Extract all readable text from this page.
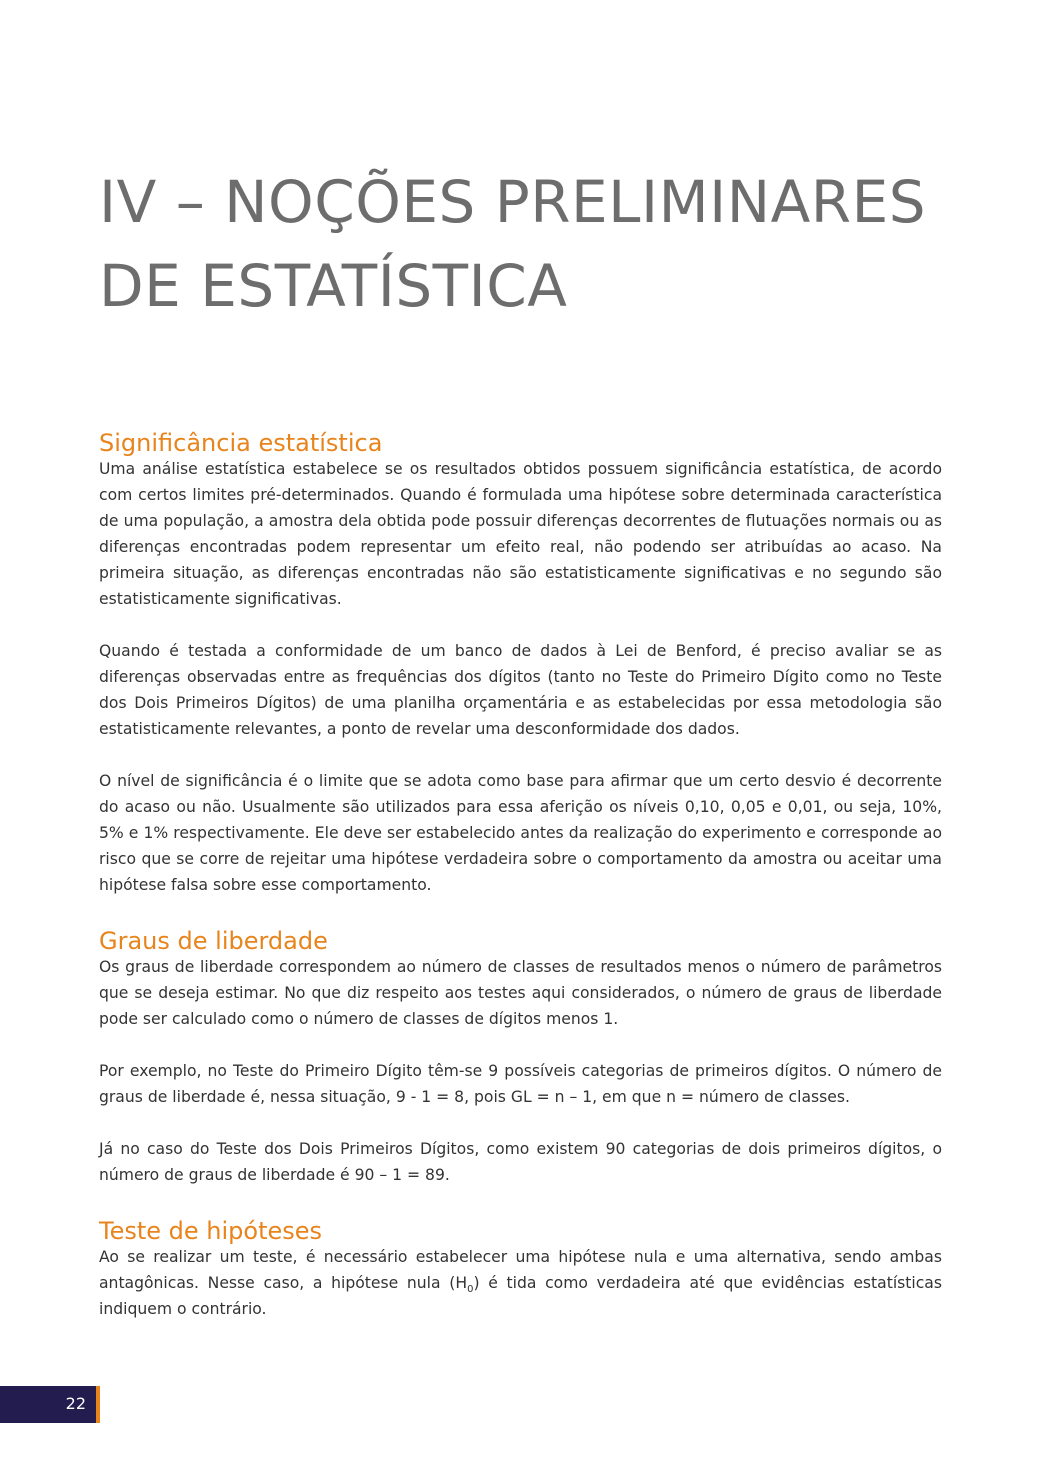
IV – NOÇÕES PRELIMINARES
DE ESTATÍSTICA
Significância estatística

Uma análise estatística estabelece se os resultados obtidos possuem significância estatística, de acordo com certos limites pré-determinados. Quando é formulada uma hipótese sobre determinada característica de uma população, a amostra dela obtida pode possuir diferenças decorrentes de flutuações normais ou as diferenças encontradas podem representar um efeito real, não podendo ser atribuídas ao acaso. Na primeira situação, as diferenças encontradas não são estatisticamente significativas e no segundo são estatisticamente significativas.

Quando é testada a conformidade de um banco de dados à Lei de Benford, é preciso avaliar se as diferenças observadas entre as frequências dos dígitos (tanto no Teste do Primeiro Dígito como no Teste dos Dois Primeiros Dígitos) de uma planilha orçamentária e as estabelecidas por essa metodologia são estatisticamente relevantes, a ponto de revelar uma desconformidade dos dados.

O nível de significância é o limite que se adota como base para afirmar que um certo desvio é decorrente do acaso ou não. Usualmente são utilizados para essa aferição os níveis 0,10, 0,05 e 0,01, ou seja, 10%, 5% e 1% respectivamente. Ele deve ser estabelecido antes da realização do experimento e corresponde ao risco que se corre de rejeitar uma hipótese verdadeira sobre o comportamento da amostra ou aceitar uma hipótese falsa sobre esse comportamento.

Graus de liberdade

Os graus de liberdade correspondem ao número de classes de resultados menos o número de parâmetros que se deseja estimar. No que diz respeito aos testes aqui considerados, o número de graus de liberdade pode ser calculado como o número de classes de dígitos menos 1.

Por exemplo, no Teste do Primeiro Dígito têm-se 9 possíveis categorias de primeiros dígitos. O número de graus de liberdade é, nessa situação, 9 - 1 = 8, pois GL = n – 1, em que n = número de classes.

Já no caso do Teste dos Dois Primeiros Dígitos, como existem 90 categorias de dois primeiros dígitos, o número de graus de liberdade é 90 – 1 = 89.

Teste de hipóteses

Ao se realizar um teste, é necessário estabelecer uma hipótese nula e uma alternativa, sendo ambas antagônicas. Nesse caso, a hipótese nula $(H_0)$ é tida como verdadeira até que evidências estatísticas indiquem o contrário.

22
